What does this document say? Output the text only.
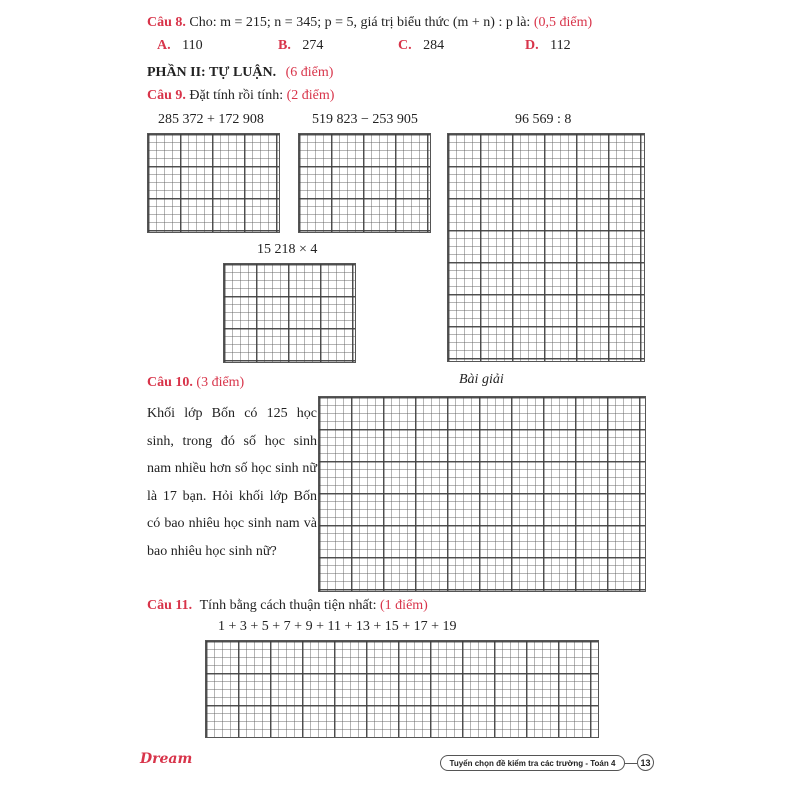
Câu 8. Cho: m = 215; n = 345; p = 5, giá trị biểu thức (m + n) : p là: (0,5 điểm)
A. 110	B. 274	C. 284	D. 112
PHẦN II: TỰ LUẬN. (6 điểm)
Câu 9. Đặt tính rồi tính: (2 điểm)
285 372 + 172 908	519 823 − 253 905	96 569 : 8
15 218 × 4
Câu 10. (3 điểm)	Bài giải
Khối lớp Bốn có 125 học sinh, trong đó số học sinh nam nhiều hơn số học sinh nữ là 17 bạn. Hỏi khối lớp Bốn có bao nhiêu học sinh nam và bao nhiêu học sinh nữ?
Câu 11. Tính bằng cách thuận tiện nhất: (1 điểm)
1 + 3 + 5 + 7 + 9 + 11 + 13 + 15 + 17 + 19
Dream	Tuyển chọn đề kiểm tra các trường - Toán 4	13
